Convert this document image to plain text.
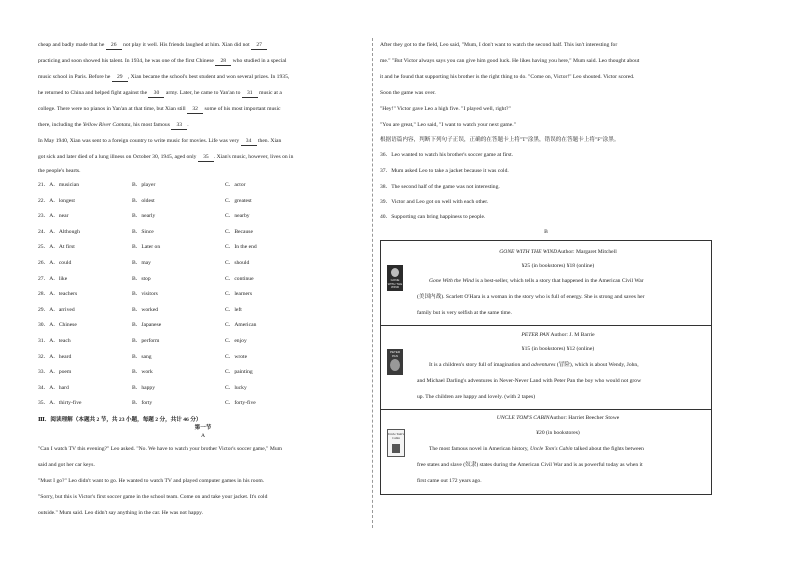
cheap and badly made that he 26 not play it well. His friends laughed at him. Xian did not 27
practicing and soon showed his talent. In 1934, he was one of the first Chinese 28 who studied in a special
music school in Paris. Before he 29 , Xian became the school's best student and won several prizes. In 1935,
he returned to China and helped fight against the 30 army. Later, he came to Yan'an to 31 music at a
college. There were no pianos in Yan'an at that time, but Xian still 32 some of his most important music
there, including the Yellow River Cantata, his most famous 33 .
In May 1940, Xian was sent to a foreign country to write music for movies. Life was very 34 then. Xian
got sick and later died of a lung illness on October 30, 1945, aged only 35 . Xian's music, however, lives on in
the people's hearts.
21．A．musician	B．player	C．actor
22．A．longest	B．oldest	C．greatest
23．A．near	B．nearly	C．nearby
24．A．Although	B．Since	C．Because
25．A．At first	B．Later on	C．In the end
26．A．could	B．may	C．should
27．A．like	B．stop	C．continue
28．A．teachers	B．visitors	C．learners
29．A．arrived	B．worked	C．left
30．A．Chinese	B．Japanese	C．American
31．A．teach	B．perform	C．enjoy
32．A．heard	B．sang	C．wrote
33．A．poem	B．work	C．painting
34．A．hard	B．happy	C．lucky
35．A．thirty-five	B．forty	C．forty-five
Ⅲ．阅读理解（本题共 2 节，共 23 小题，每题 2 分，共计 46 分）
第一节
A
"Can I watch TV this evening?" Leo asked. "No. We have to watch your brother Victor's soccer game," Mum
said and got her car keys.
"Must I go?" Leo didn't want to go. He wanted to watch TV and played computer games in his room.
"Sorry, but this is Victor's first soccer game in the school team. Come on and take your jacket. It's cold
outside." Mum said. Leo didn't say anything in the car. He was not happy.
After they got to the field, Leo said, "Mum, I don't want to watch the second half. This isn't interesting for
me." "But Victor always says you can give him good luck. He likes having you here," Mum said. Leo thought about
it and he found that supporting his brother is the right thing to do. "Come on, Victor!" Leo shouted. Victor scored.
Soon the game was over.
"Hey!" Victor gave Leo a high five. "I played well, right?"
"You are great," Leo said, "I want to watch your next game."
根据语篇内容，判断下列句子正误，正确的在答题卡上将"T"涂黑，错误的在答题卡上将"F"涂黑。
36．Leo wanted to watch his brother's soccer game at first.
37．Mum asked Leo to take a jacket because it was cold.
38．The second half of the game was not interesting.
39．Victor and Leo got on well with each other.
40．Supporting can bring happiness to people.
B
GONE WITH THE WIND
GONE WITH THE WINDAuthor: Margaret Mitchell
¥25 (in bookstores) ¥18 (online)
Gone With the Wind is a best-seller, which tells a story that happened in the American Civil War
(美国内战). Scarlett O'Hara is a woman in the story who is full of energy. She is strong and saves her
family but is very selfish at the same time.
PETER PAN
PETER PAN Author: J. M Barrie
¥15 (in bookstores) ¥12 (online)
It is a children's story full of imagination and adventures (冒险), which is about Wendy, John,
and Michael Darling's adventures in Never-Never Land with Peter Pan the boy who would not grow
up. The children are happy and lovely. (with 2 tapes)
Uncle Tom's Cabin
UNCLE TOM'S CABINAuthor: Harriet Beecher Stowe
¥20 (in bookstores)
The most famous novel in American history, Uncle Tom's Cabin talked about the fights between
free states and slave (奴隶) states during the American Civil War and is as powerful today as when it
first came out 172 years ago.
